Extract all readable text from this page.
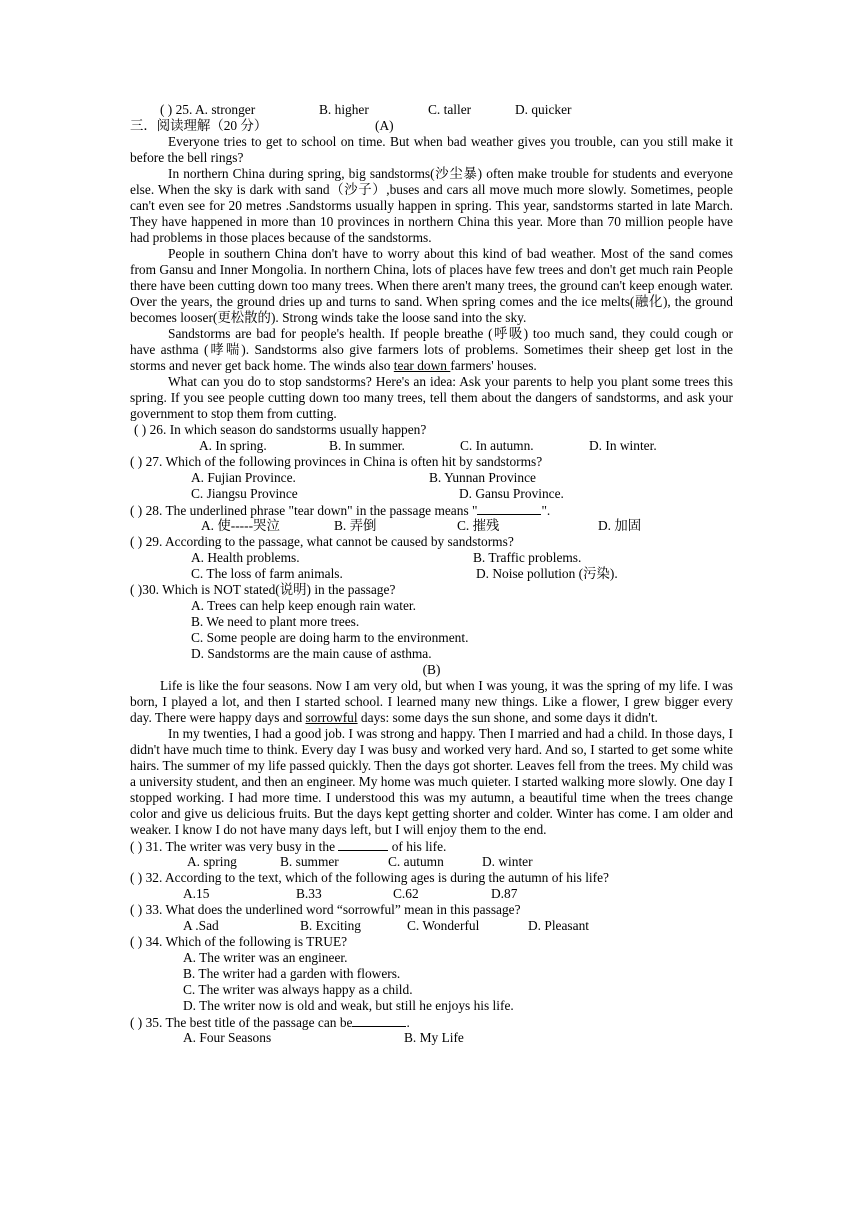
( ) 25. A. stronger	B. higher	C. taller	D. quicker
三．阅读理解（20 分）	(A)

Everyone tries to get to school on time. But when bad weather gives you trouble, can you still make it before the bell rings?

In northern China during spring, big sandstorms(沙尘暴) often make trouble for students and everyone else. When the sky is dark with sand（沙子）,buses and cars all move much more slowly. Sometimes, people can't even see for 20 metres .Sandstorms usually happen in spring. This year, sandstorms started in late March. They have happened in more than 10 provinces in northern China this year. More than 70 million people have had problems in those places because of the sandstorms.

People in southern China don't have to worry about this kind of bad weather. Most of the sand comes from Gansu and Inner Mongolia. In northern China, lots of places have few trees and don't get much rain People there have been cutting down too many trees. When there aren't many trees, the ground can't keep enough water. Over the years, the ground dries up and turns to sand. When spring comes and the ice melts(融化), the ground becomes looser(更松散的). Strong winds take the loose sand into the sky.

Sandstorms are bad for people's health. If people breathe (呼吸) too much sand, they could cough or have asthma (哮喘). Sandstorms also give farmers lots of problems. Sometimes their sheep get lost in the storms and never get back home. The winds also tear down farmers' houses.

What can you do to stop sandstorms? Here's an idea: Ask your parents to help you plant some trees this spring. If you see people cutting down too many trees, tell them about the dangers of sandstorms, and ask your government to stop them from cutting.

( ) 26. In which season do sandstorms usually happen?
A. In spring.	B. In summer.	C. In autumn.	D. In winter.
( ) 27. Which of the following provinces in China is often hit by sandstorms?
A. Fujian Province.	B. Yunnan Province
C. Jiangsu Province	D. Gansu Province.
( ) 28. The underlined phrase "tear down" in the passage means "	".
A. 使-----哭泣	B. 弄倒	C. 摧残	D. 加固
( ) 29. According to the passage, what cannot be caused by sandstorms?
A. Health problems.	B. Traffic problems.
C. The loss of farm animals.	D. Noise pollution (污染).
( )30. Which is NOT stated(说明) in the passage?
A. Trees can help keep enough rain water.
B. We need to plant more trees.
C. Some people are doing harm to the environment.
D. Sandstorms are the main cause of asthma.
(B)

Life is like the four seasons. Now I am very old, but when I was young, it was the spring of my life. I was born, I played a lot, and then I started school. I learned many new things. Like a flower, I grew bigger every day. There were happy days and sorrowful days: some days the sun shone, and some days it didn't.

In my twenties, I had a good job. I was strong and happy. Then I married and had a child. In those days, I didn't have much time to think. Every day I was busy and worked very hard. And so, I started to get some white hairs. The summer of my life passed quickly. Then the days got shorter. Leaves fell from the trees. My child was a university student, and then an engineer. My home was much quieter. I started walking more slowly. One day I stopped working. I had more time. I understood this was my autumn, a beautiful time when the trees change color and give us delicious fruits. But the days kept getting shorter and colder. Winter has come. I am older and weaker. I know I do not have many days left, but I will enjoy them to the end.

( ) 31. The writer was very busy in the	of his life.
A. spring	B. summer	C. autumn	D. winter
( ) 32. According to the text, which of the following ages is during the autumn of his life?
A.15	B.33	C.62	D.87
( ) 33. What does the underlined word “sorrowful” mean in this passage?
A .Sad	B. Exciting	C. Wonderful	D. Pleasant
( ) 34. Which of the following is TRUE?
A. The writer was an engineer.
B. The writer had a garden with flowers.
C. The writer was always happy as a child.
D. The writer now is old and weak, but still he enjoys his life.
( ) 35. The best title of the passage can be	.
A. Four Seasons	B. My Life
